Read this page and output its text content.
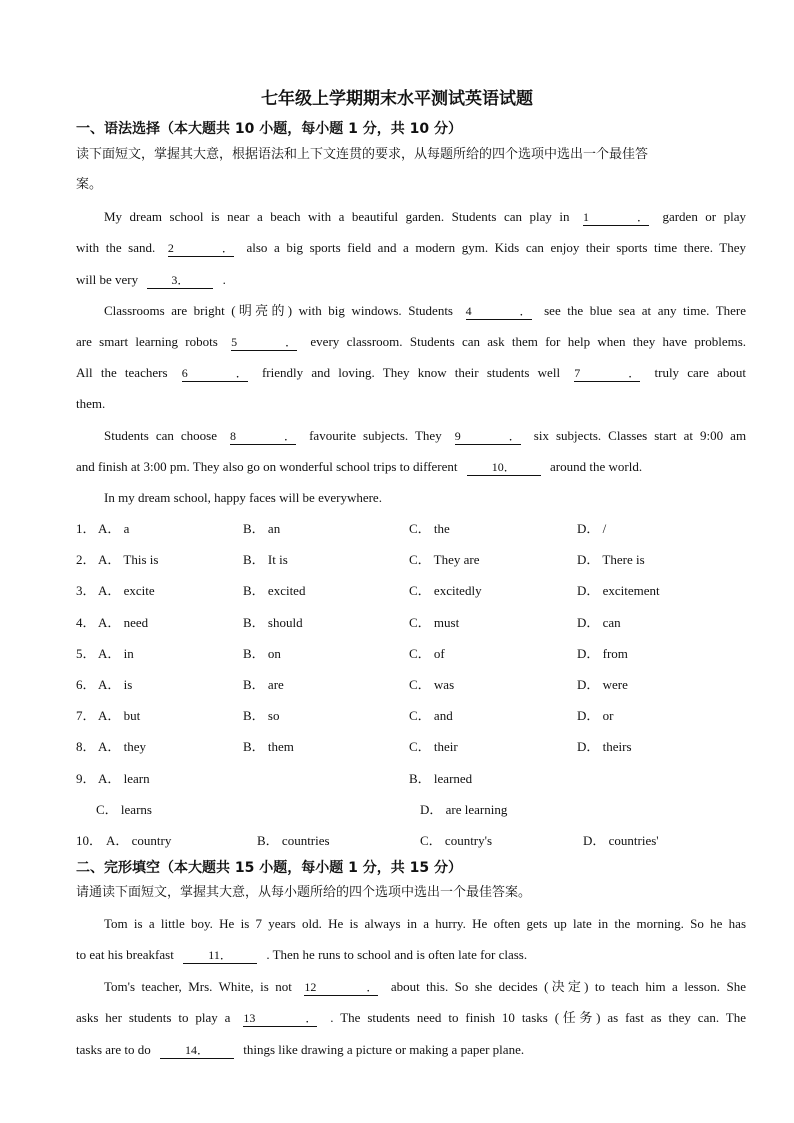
七年级上学期期末水平测试英语试题
一、语法选择（本大题共 10 小题，每小题 1 分，共 10 分）
读下面短文，掌握其大意，根据语法和上下文连贯的要求，从每题所给的四个选项中选出一个最佳答
案。
My dream school is near a beach with a beautiful garden. Students can play in 1． garden or play
with the sand. 2． also a big sports field and a modern gym. Kids can enjoy their sports time there. They
will be very	3．	.
Classrooms are bright (明亮的) with big windows. Students 4． see the blue sea at any time. There
are smart learning robots 5． every classroom. Students can ask them for help when they have problems.
All the teachers 6． friendly and loving. They know their students well 7． truly care about
them.
Students can choose 8． favourite subjects. They 9． six subjects. Classes start at 9:00 am
and finish at 3:00 pm. They also go on wonderful school trips to different	10．	around the world.
In my dream school, happy faces will be everywhere.
1． A． a	B． an	C． the	D． /
2． A． This is	B． It is	C． They are	D． There is
3． A． excite	B． excited	C． excitedly	D． excitement
4． A． need	B． should	C． must	D． can
5． A． in	B． on	C． of	D． from
6． A． is	B． are	C． was	D． were
7． A． but	B． so	C． and	D． or
8． A． they	B． them	C． their	D． theirs
9． A． learn	B． learned
C． learns	D． are learning
10． A． country	B． countries	C． country's	D． countries'
二、完形填空（本大题共 15 小题，每小题 1 分，共 15 分）
请通读下面短文，掌握其大意，从每小题所给的四个选项中选出一个最佳答案。
Tom is a little boy. He is 7 years old. He is always in a hurry. He often gets up late in the morning. So he has
to eat his breakfast	11．	. Then he runs to school and is often late for class.
Tom's teacher, Mrs. White, is not 12． about this. So she decides (决定) to teach him a lesson. She
asks her students to play a 13． . The students need to finish 10 tasks (任务) as fast as they can. The
tasks are to do	14．	things like drawing a picture or making a paper plane.
